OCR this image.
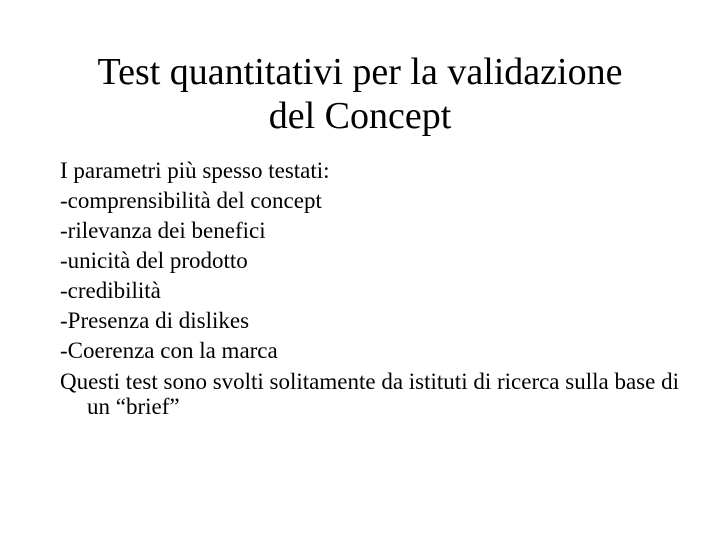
Test quantitativi per la validazione
del Concept
I parametri più spesso testati:
-comprensibilità del concept
-rilevanza dei benefici
-unicità del prodotto
-credibilità
-Presenza di dislikes
-Coerenza con la marca
Questi test sono svolti solitamente da istituti di ricerca sulla base di un “brief”
